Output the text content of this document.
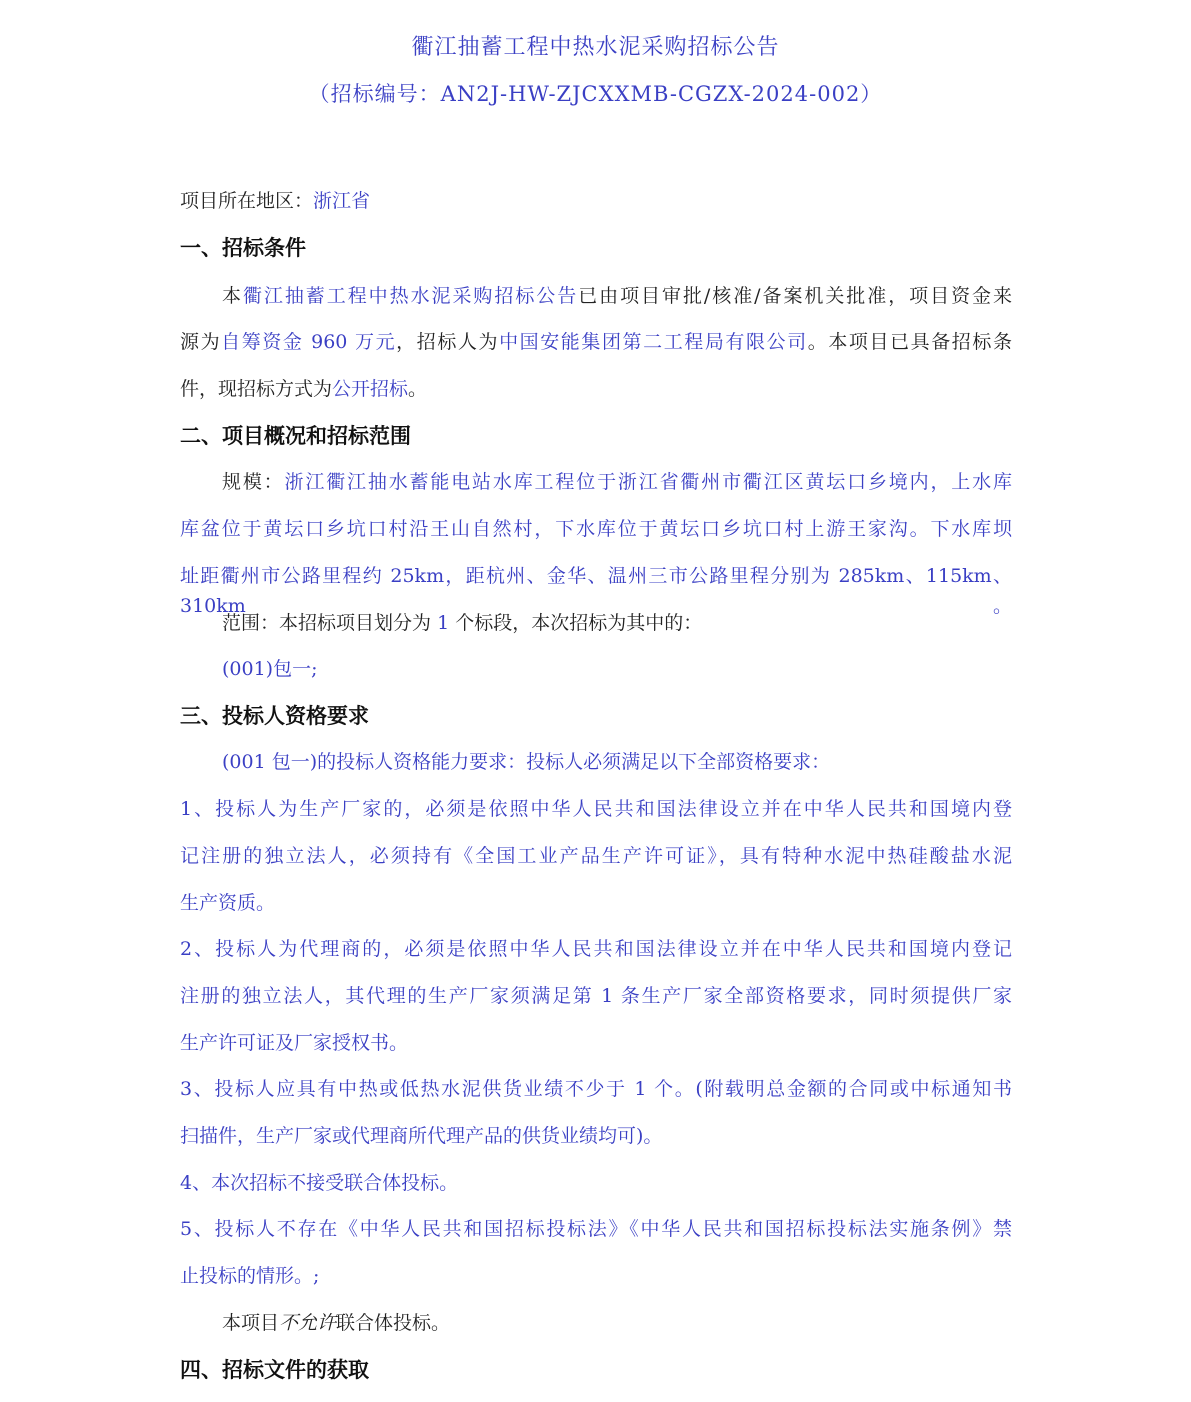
衢江抽蓄工程中热水泥采购招标公告
（招标编号：AN2J-HW-ZJCXXMB-CGZX-2024-002）
项目所在地区：浙江省
一、招标条件
本衢江抽蓄工程中热水泥采购招标公告已由项目审批/核准/备案机关批准，项目资金来
源为自筹资金 960 万元，招标人为中国安能集团第二工程局有限公司。本项目已具备招标条
件，现招标方式为公开招标。
二、项目概况和招标范围
规模：浙江衢江抽水蓄能电站水库工程位于浙江省衢州市衢江区黄坛口乡境内，上水库
库盆位于黄坛口乡坑口村沿王山自然村，下水库位于黄坛口乡坑口村上游王家沟。下水库坝
址距衢州市公路里程约 25km，距杭州、金华、温州三市公路里程分别为 285km、115km、310km。
范围：本招标项目划分为 1 个标段，本次招标为其中的：
(001)包一;
三、投标人资格要求
(001 包一)的投标人资格能力要求：投标人必须满足以下全部资格要求：
1、投标人为生产厂家的，必须是依照中华人民共和国法律设立并在中华人民共和国境内登
记注册的独立法人，必须持有《全国工业产品生产许可证》，具有特种水泥中热硅酸盐水泥
生产资质。
2、投标人为代理商的，必须是依照中华人民共和国法律设立并在中华人民共和国境内登记
注册的独立法人，其代理的生产厂家须满足第 1 条生产厂家全部资格要求，同时须提供厂家
生产许可证及厂家授权书。
3、投标人应具有中热或低热水泥供货业绩不少于 1 个。(附载明总金额的合同或中标通知书
扫描件，生产厂家或代理商所代理产品的供货业绩均可)。
4、本次招标不接受联合体投标。
5、投标人不存在《中华人民共和国招标投标法》《中华人民共和国招标投标法实施条例》禁
止投标的情形。;
本项目不允许联合体投标。
四、招标文件的获取
